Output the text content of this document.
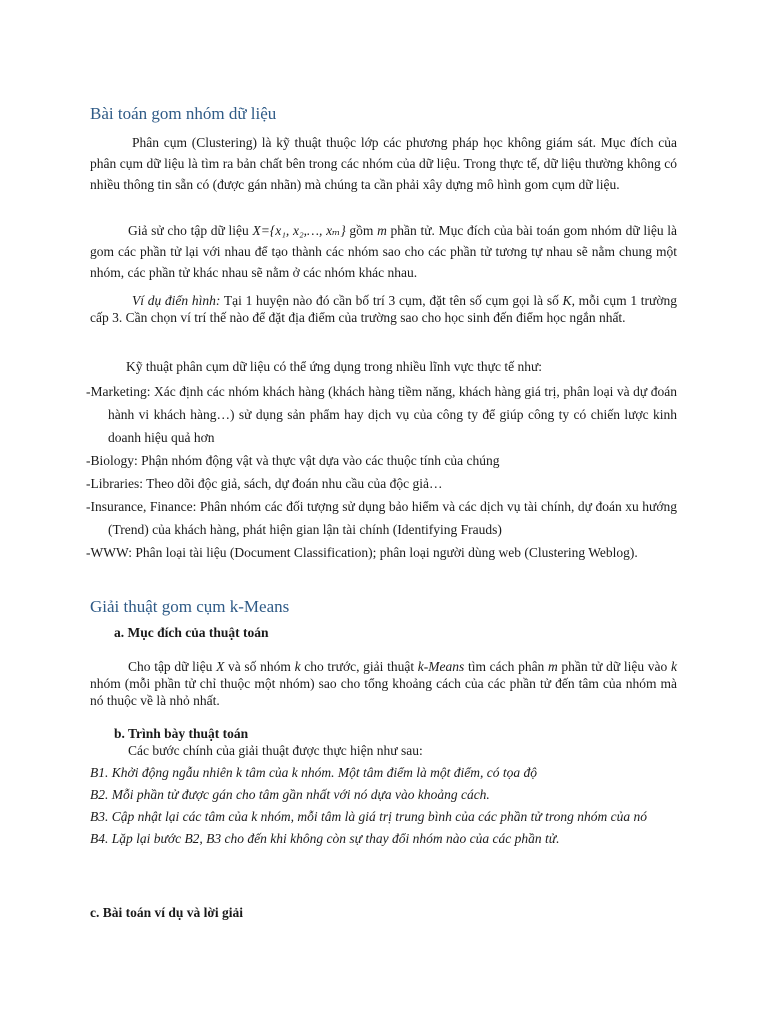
Bài toán gom nhóm dữ liệu

Phân cụm (Clustering) là kỹ thuật thuộc lớp các phương pháp học không giám sát. Mục đích của phân cụm dữ liệu là tìm ra bản chất bên trong các nhóm của dữ liệu. Trong thực tế, dữ liệu thường không có nhiều thông tin sẵn có (được gán nhãn) mà chúng ta cần phải xây dựng mô hình gom cụm dữ liệu.

Giả sử cho tập dữ liệu X={x₁, x₂,…, xₘ} gồm m phần tử. Mục đích của bài toán gom nhóm dữ liệu là gom các phần tử lại với nhau để tạo thành các nhóm sao cho các phần tử tương tự nhau sẽ nằm chung một nhóm, các phần tử khác nhau sẽ nằm ở các nhóm khác nhau.

Ví dụ điển hình: Tại 1 huyện nào đó cần bố trí 3 cụm, đặt tên số cụm gọi là số K, mỗi cụm 1 trường cấp 3. Cần chọn ví trí thế nào để đặt địa điểm của trường sao cho học sinh đến điểm học ngắn nhất.

Kỹ thuật phân cụm dữ liệu có thể ứng dụng trong nhiều lĩnh vực thực tế như:

-Marketing: Xác định các nhóm khách hàng (khách hàng tiềm năng, khách hàng giá trị, phân loại và dự đoán hành vi khách hàng…) sử dụng sản phẩm hay dịch vụ của công ty để giúp công ty có chiến lược kinh doanh hiệu quả hơn
-Biology: Phận nhóm động vật và thực vật dựa vào các thuộc tính của chúng
-Libraries: Theo dõi độc giả, sách, dự đoán nhu cầu của độc giả…
-Insurance, Finance: Phân nhóm các đối tượng sử dụng bảo hiểm và các dịch vụ tài chính, dự đoán xu hướng (Trend) của khách hàng, phát hiện gian lận tài chính (Identifying Frauds)
-WWW: Phân loại tài liệu (Document Classification); phân loại người dùng web (Clustering Weblog).
Giải thuật gom cụm k-Means

a. Mục đích của thuật toán

Cho tập dữ liệu X và số nhóm k cho trước, giải thuật k-Means tìm cách phân m phần tử dữ liệu vào k nhóm (mỗi phần tử chỉ thuộc một nhóm) sao cho tổng khoảng cách của các phần tử đến tâm của nhóm mà nó thuộc về là nhỏ nhất.

b. Trình bày thuật toán

Các bước chính của giải thuật được thực hiện như sau:

B1. Khởi động ngẫu nhiên k tâm của k nhóm. Một tâm điểm là một điểm, có tọa độ
B2. Mỗi phần tử được gán cho tâm gần nhất với nó dựa vào khoảng cách.
B3. Cập nhật lại các tâm của k nhóm, mỗi tâm là giá trị trung bình của các phần tử trong nhóm của nó
B4. Lặp lại bước B2, B3 cho đến khi không còn sự thay đổi nhóm nào của các phần tử.

c. Bài toán ví dụ và lời giải
